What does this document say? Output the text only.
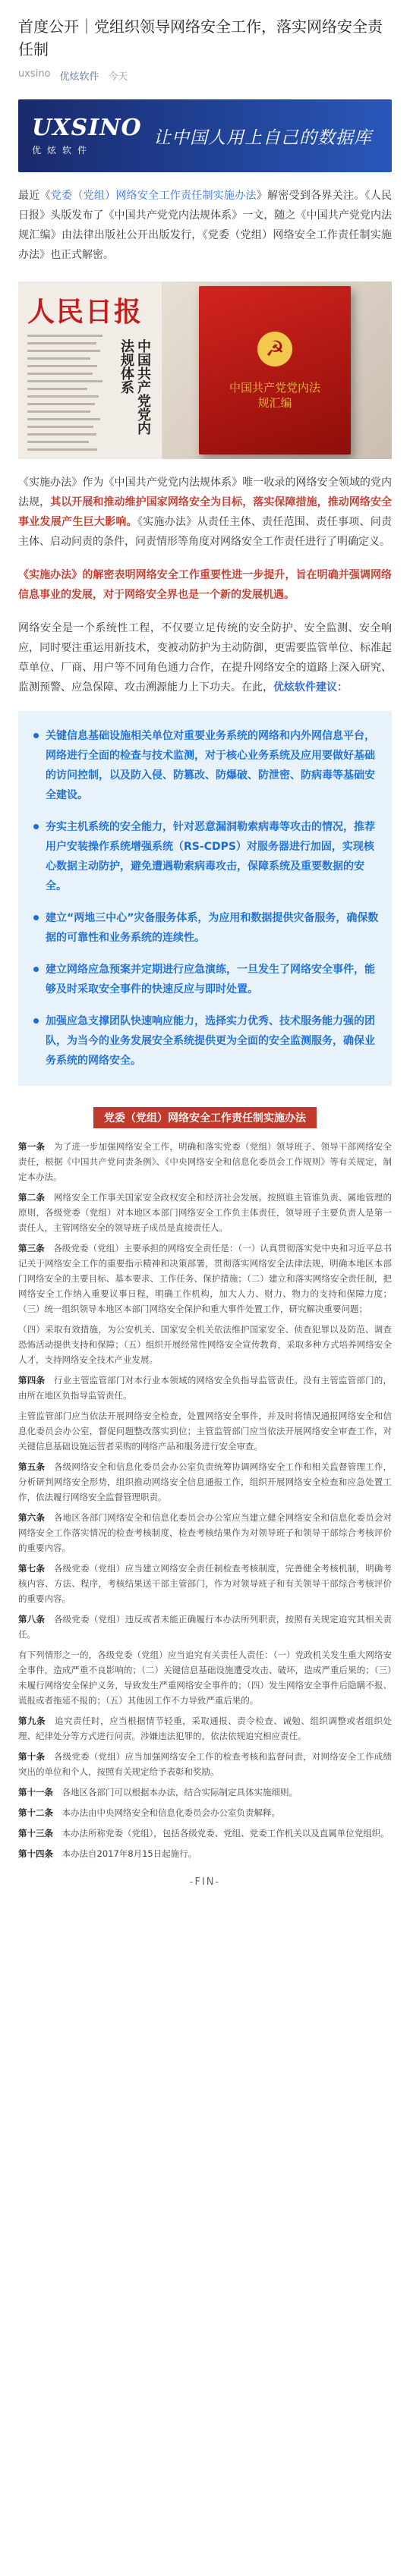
首度公开｜党组织领导网络安全工作，落实网络安全责任制
uxsino 优炫软件 今天
UXSINO
优炫软件
让中国人用上自己的数据库

最近《党委（党组）网络安全工作责任制实施办法》解密受到各界关注。《人民日报》头版发布了《中国共产党党内法规体系》一文，随之《中国共产党党内法规汇编》由法律出版社公开出版发行，《党委（党组）网络安全工作责任制实施办法》也正式解密。

人民日报
中国共产党党内法规体系	☭
中国共产党党内法规汇编

《实施办法》作为《中国共产党党内法规体系》唯一收录的网络安全领域的党内法规，其以开展和推动维护国家网络安全为目标，落实保障措施，推动网络安全事业发展产生巨大影响。《实施办法》从责任主体、责任范围、责任事项、问责主体、启动问责的条件，问责情形等角度对网络安全工作责任进行了明确定义。

《实施办法》的解密表明网络安全工作重要性进一步提升，旨在明确并强调网络信息事业的发展，对于网络安全界也是一个新的发展机遇。

网络安全是一个系统性工程，不仅要立足传统的安全防护、安全监测、安全响应，同时要注重运用新技术，变被动防护为主动防御，更需要监管单位、标准起草单位、厂商、用户等不同角色通力合作，在提升网络安全的道路上深入研究、监测预警、应急保障、攻击溯源能力上下功夫。在此，优炫软件建议：

关键信息基础设施相关单位对重要业务系统的网络和内外网信息平台，网络进行全面的检查与技术监测，对于核心业务系统及应用要做好基础的访问控制，以及防入侵、防篡改、防爆破、防泄密、防病毒等基础安全建设。
夯实主机系统的安全能力，针对恶意漏洞勒索病毒等攻击的情况，推荐用户安装操作系统增强系统（RS-CDPS）对服务器进行加固，实现核心数据主动防护，避免遭遇勒索病毒攻击，保障系统及重要数据的安全。
建立“两地三中心”灾备服务体系，为应用和数据提供灾备服务，确保数据的可靠性和业务系统的连续性。
建立网络应急预案并定期进行应急演练，一旦发生了网络安全事件，能够及时采取安全事件的快速反应与即时处置。
加强应急支撑团队快速响应能力，选择实力优秀、技术服务能力强的团队，为当今的业务发展安全系统提供更为全面的安全监测服务，确保业务系统的网络安全。
党委（党组）网络安全工作责任制实施办法

第一条　 为了进一步加强网络安全工作，明确和落实党委（党组）领导班子、领导干部网络安全责任，根据《中国共产党问责条例》、《中央网络安全和信息化委员会工作规则》等有关规定，制定本办法。

第二条　 网络安全工作事关国家安全政权安全和经济社会发展。按照谁主管谁负责、属地管理的原则，各级党委（党组）对本地区本部门网络安全工作负主体责任，领导班子主要负责人是第一责任人，主管网络安全的领导班子成员是直接责任人。

第三条　 各级党委（党组）主要承担的网络安全责任是：（一）认真贯彻落实党中央和习近平总书记关于网络安全工作的重要指示精神和决策部署，贯彻落实网络安全法律法规，明确本地区本部门网络安全的主要目标、基本要求、工作任务、保护措施；（二）建立和落实网络安全责任制，把网络安全工作纳入重要议事日程，明确工作机构，加大人力、财力、物力的支持和保障力度；（三）统一组织领导本地区本部门网络安全保护和重大事件处置工作，研究解决重要问题；

（四）采取有效措施，为公安机关、国家安全机关依法维护国家安全、侦查犯罪以及防范、调查恐怖活动提供支持和保障；（五）组织开展经常性网络安全宣传教育，采取多种方式培养网络安全人才，支持网络安全技术产业发展。

第四条　 行业主管监管部门对本行业本领域的网络安全负指导监管责任。没有主管监管部门的，由所在地区负指导监管责任。

主管监管部门应当依法开展网络安全检查，处置网络安全事件，并及时将情况通报网络安全和信息化委员会办公室，督促问题整改落实到位；主管监管部门应当依法开展网络安全审查工作，对关键信息基础设施运营者采购的网络产品和服务进行安全审查。

第五条　 各级网络安全和信息化委员会办公室负责统筹协调网络安全工作和相关监督管理工作，分析研判网络安全形势，组织推动网络安全信息通报工作，组织开展网络安全检查和应急处置工作，依法履行网络安全监督管理职责。

第六条　 各地区各部门网络安全和信息化委员会办公室应当建立健全网络安全和信息化委员会对网络安全工作落实情况的检查考核制度，检查考核结果作为对领导班子和领导干部综合考核评价的重要内容。

第七条　 各级党委（党组）应当建立网络安全责任制检查考核制度，完善健全考核机制，明确考核内容、方法、程序，考核结果送干部主管部门，作为对领导班子和有关领导干部综合考核评价的重要内容。

第八条　 各级党委（党组）违反或者未能正确履行本办法所列职责，按照有关规定追究其相关责任。

有下列情形之一的，各级党委（党组）应当追究有关责任人责任：（一）党政机关发生重大网络安全事件，造成严重不良影响的；（二）关键信息基础设施遭受攻击、破坏，造成严重后果的；（三）未履行网络安全保护义务，导致发生严重网络安全事件的；（四）发生网络安全事件后隐瞒不报、谎报或者拖延不报的；（五）其他因工作不力导致严重后果的。

第九条　 追究责任时，应当根据情节轻重，采取通报、责令检查、诫勉、组织调整或者组织处理、纪律处分等方式进行问责。涉嫌违法犯罪的，依法依规追究相应责任。

第十条　 各级党委（党组）应当加强网络安全工作的检查考核和监督问责，对网络安全工作成绩突出的单位和个人，按照有关规定给予表彰和奖励。

第十一条　 各地区各部门可以根据本办法，结合实际制定具体实施细则。

第十二条　 本办法由中央网络安全和信息化委员会办公室负责解释。

第十三条　 本办法所称党委（党组），包括各级党委、党组、党委工作机关以及直属单位党组织。

第十四条　 本办法自2017年8月15日起施行。

-FIN-
